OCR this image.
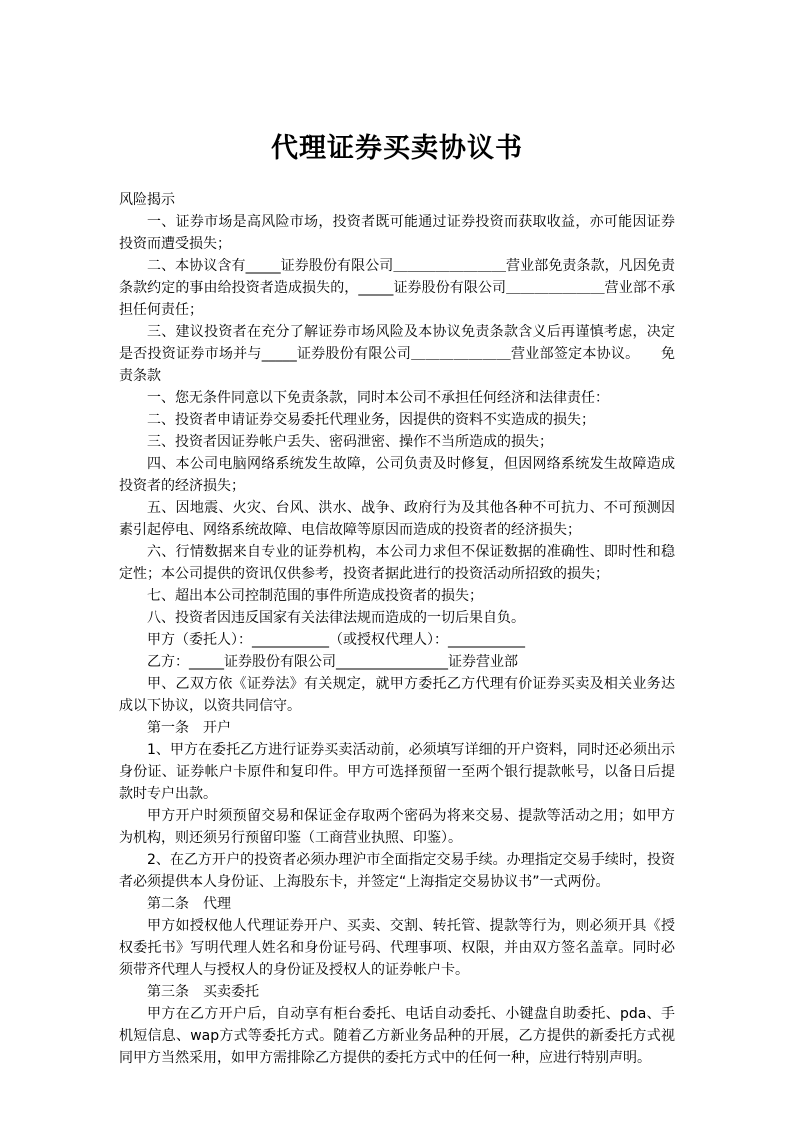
代理证券买卖协议书

风险揭示

一、证券市场是高风险市场，投资者既可能通过证券投资而获取收益，亦可能因证券投资而遭受损失；

二、本协议含有_____证券股份有限公司＿＿＿＿＿＿＿＿营业部免责条款，凡因免责条款约定的事由给投资者造成损失的，_____证券股份有限公司＿＿＿＿＿＿＿营业部不承担任何责任；

三、建议投资者在充分了解证券市场风险及本协议免责条款含义后再谨慎考虑，决定是否投资证券市场并与_____证券股份有限公司＿＿＿＿＿＿＿营业部签定本协议。　　免责条款

一、您无条件同意以下免责条款，同时本公司不承担任何经济和法律责任：

二、投资者申请证券交易委托代理业务，因提供的资料不实造成的损失；

三、投资者因证券帐户丢失、密码泄密、操作不当所造成的损失；

四、本公司电脑网络系统发生故障，公司负责及时修复，但因网络系统发生故障造成投资者的经济损失；

五、因地震、火灾、台风、洪水、战争、政府行为及其他各种不可抗力、不可预测因素引起停电、网络系统故障、电信故障等原因而造成的投资者的经济损失；

六、行情数据来自专业的证券机构，本公司力求但不保证数据的准确性、即时性和稳定性；本公司提供的资讯仅供参考，投资者据此进行的投资活动所招致的损失；

七、超出本公司控制范围的事件所造成投资者的损失；

八、投资者因违反国家有关法律法规而造成的一切后果自负。

甲方（委托人）：___________（或授权代理人）：___________

乙方：_____证券股份有限公司________________证券营业部

甲、乙双方依《证券法》有关规定，就甲方委托乙方代理有价证券买卖及相关业务达成以下协议，以资共同信守。

第一条　开户

1、甲方在委托乙方进行证券买卖活动前，必须填写详细的开户资料，同时还必须出示身份证、证券帐户卡原件和复印件。甲方可选择预留一至两个银行提款帐号，以备日后提款时专户出款。

甲方开户时须预留交易和保证金存取两个密码为将来交易、提款等活动之用；如甲方为机构，则还须另行预留印鉴（工商营业执照、印鉴）。

2、在乙方开户的投资者必须办理沪市全面指定交易手续。办理指定交易手续时，投资者必须提供本人身份证、上海股东卡，并签定“上海指定交易协议书”一式两份。

第二条　代理

甲方如授权他人代理证券开户、买卖、交割、转托管、提款等行为，则必须开具《授权委托书》写明代理人姓名和身份证号码、代理事项、权限，并由双方签名盖章。同时必须带齐代理人与授权人的身份证及授权人的证券帐户卡。

第三条　买卖委托

甲方在乙方开户后，自动享有柜台委托、电话自动委托、小键盘自助委托、pda、手机短信息、wap方式等委托方式。随着乙方新业务品种的开展，乙方提供的新委托方式视同甲方当然采用，如甲方需排除乙方提供的委托方式中的任何一种，应进行特别声明。
